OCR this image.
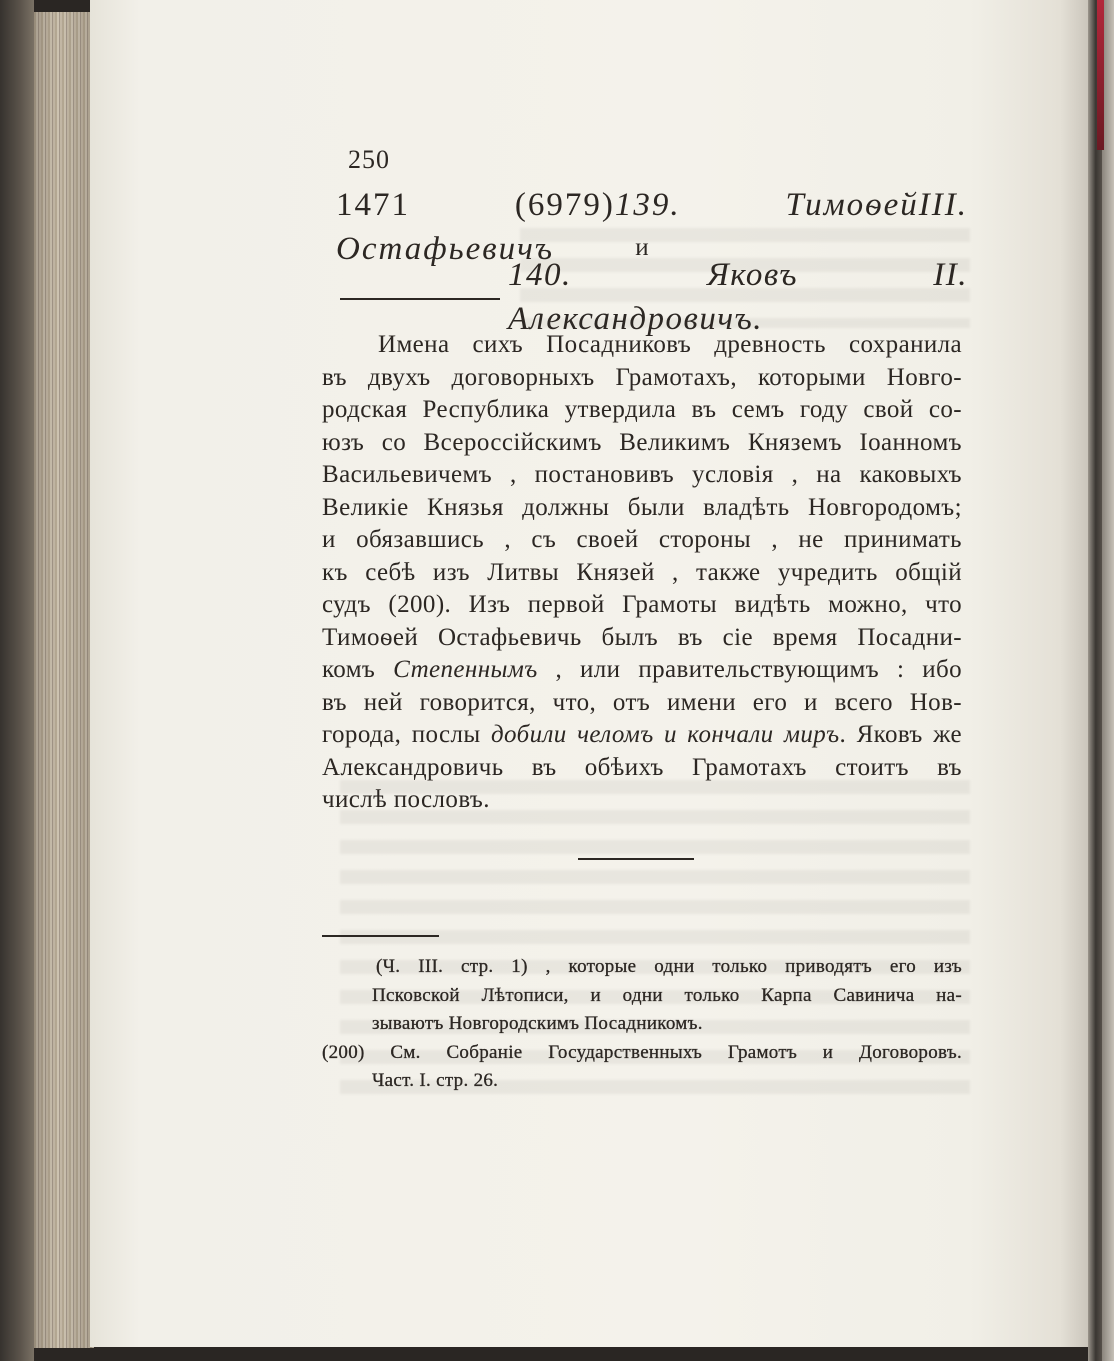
250
1471 (6979)139. ТимоѳейIII. Остафьевичъ	и
140. Яковъ II. Александровичъ.
Имена сихъ Посадниковъ древность сохранила
въ двухъ договорныхъ Грамотахъ, которыми Новго-
родская Республика утвердила въ семъ году свой со-
юзъ со Всероссійскимъ Великимъ Княземъ Іоанномъ
Васильевичемъ , постановивъ условія , на каковыхъ
Великіе Князья должны были владѣть Новгородомъ;
и обязавшись , съ своей стороны , не принимать
къ себѣ изъ Литвы Князей , также учредить общій
судъ (200). Изъ первой Грамоты видѣть можно, что
Тимоѳей Остафьевичь былъ въ сіе время Посадни-
комъ Степеннымъ , или правительствующимъ : ибо
въ ней говорится, что, отъ имени его и всего Нов-
города, послы добили челомъ и кончали миръ. Яковъ же
Александровичь въ обѣихъ Грамотахъ стоитъ въ
числѣ пословъ.
(Ч. III. стр. 1) , которые одни только приводятъ его изъ
Псковской Лѣтописи, и одни только Карпа Савинича на-
зываютъ Новгородскимъ Посадникомъ.
(200) См. Собраніе Государственныхъ Грамотъ и Договоровъ.
Част. I. стр. 26.
